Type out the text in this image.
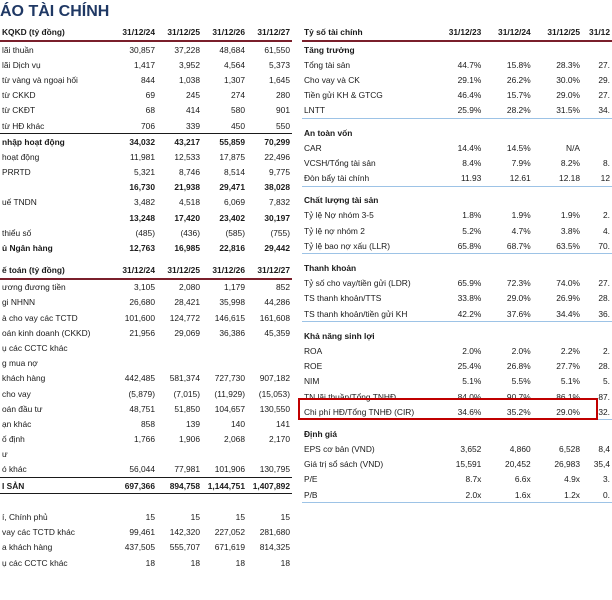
ÁO TÀI CHÍNH
KQKD (tỷ đồng)	31/12/24	31/12/25	31/12/26	31/12/27
lãi thuần	30,857	37,228	48,684	61,550
lãi Dịch vụ	1,417	3,952	4,564	5,373
từ vàng và ngoại hối	844	1,038	1,307	1,645
từ CKKD	69	245	274	280
từ CKĐT	68	414	580	901
từ HĐ khác	706	339	450	550
nhập hoạt động	34,032	43,217	55,859	70,299
hoạt động	11,981	12,533	17,875	22,496
PRRTD	5,321	8,746	8,514	9,775
	16,730	21,938	29,471	38,028
uế TNDN	3,482	4,518	6,069	7,832
	13,248	17,420	23,402	30,197
thiểu số	(485)	(436)	(585)	(755)
ủ Ngân hàng	12,763	16,985	22,816	29,442

ế toán (tỷ đồng)	31/12/24	31/12/25	31/12/26	31/12/27
ương đương tiền	3,105	2,080	1,179	852
gi NHNN	26,680	28,421	35,998	44,286
à cho vay các TCTD	101,600	124,772	146,615	161,608
oán kinh doanh (CKKD)	21,956	29,069	36,386	45,359
ụ các CCTC khác				
g mua nợ				
khách hàng	442,485	581,374	727,730	907,182
cho vay	(5,879)	(7,015)	(11,929)	(15,053)
oán đầu tư	48,751	51,850	104,657	130,550
ạn khác	858	139	140	141
ố định	1,766	1,906	2,068	2,170
ư				
ó khác	56,044	77,981	101,906	130,795
I SẢN	697,366	894,758	1,144,751	1,407,892

í, Chính phủ	15	15	15	15
vay các TCTD khác	99,461	142,320	227,052	281,680
a khách hàng	437,505	555,707	671,619	814,325
ụ các CCTC khác	18	18	18	18
Tỷ số tài chính	31/12/23	31/12/24	31/12/25	31/12
Tăng trưởng				
Tổng tài sản	44.7%	15.8%	28.3%	27.
Cho vay và CK	29.1%	26.2%	30.0%	29.
Tiền gửi KH & GTCG	46.4%	15.7%	29.0%	27.
LNTT	25.9%	28.2%	31.5%	34.

An toàn vốn				
CAR	14.4%	14.5%	N/A	
VCSH/Tổng tài sản	8.4%	7.9%	8.2%	8.
Đòn bẩy tài chính	11.93	12.61	12.18	12

Chất lượng tài sản				
Tỷ lệ Nợ nhóm 3-5	1.8%	1.9%	1.9%	2.
Tỷ lệ nợ nhóm 2	5.2%	4.7%	3.8%	4.
Tỷ lệ bao nợ xấu (LLR)	65.8%	68.7%	63.5%	70.

Thanh khoản				
Tỷ số cho vay/tiền gửi (LDR)	65.9%	72.3%	74.0%	27.
TS thanh khoản/TTS	33.8%	29.0%	26.9%	28.
TS thanh khoản/tiền gửi KH	42.2%	37.6%	34.4%	36.

Khả năng sinh lợi				
ROA	2.0%	2.0%	2.2%	2.
ROE	25.4%	26.8%	27.7%	28.
NIM	5.1%	5.5%	5.1%	5.
TN lãi thuần/Tổng TNHĐ	84.0%	90.7%	86.1%	87.
Chi phí HĐ/Tổng TNHĐ (CIR)	34.6%	35.2%	29.0%	32.

Định giá				
EPS cơ bản (VND)	3,652	4,860	6,528	8,4
Giá trị sổ sách (VND)	15,591	20,452	26,983	35,4
P/E	8.7x	6.6x	4.9x	3.
P/B	2.0x	1.6x	1.2x	0.
